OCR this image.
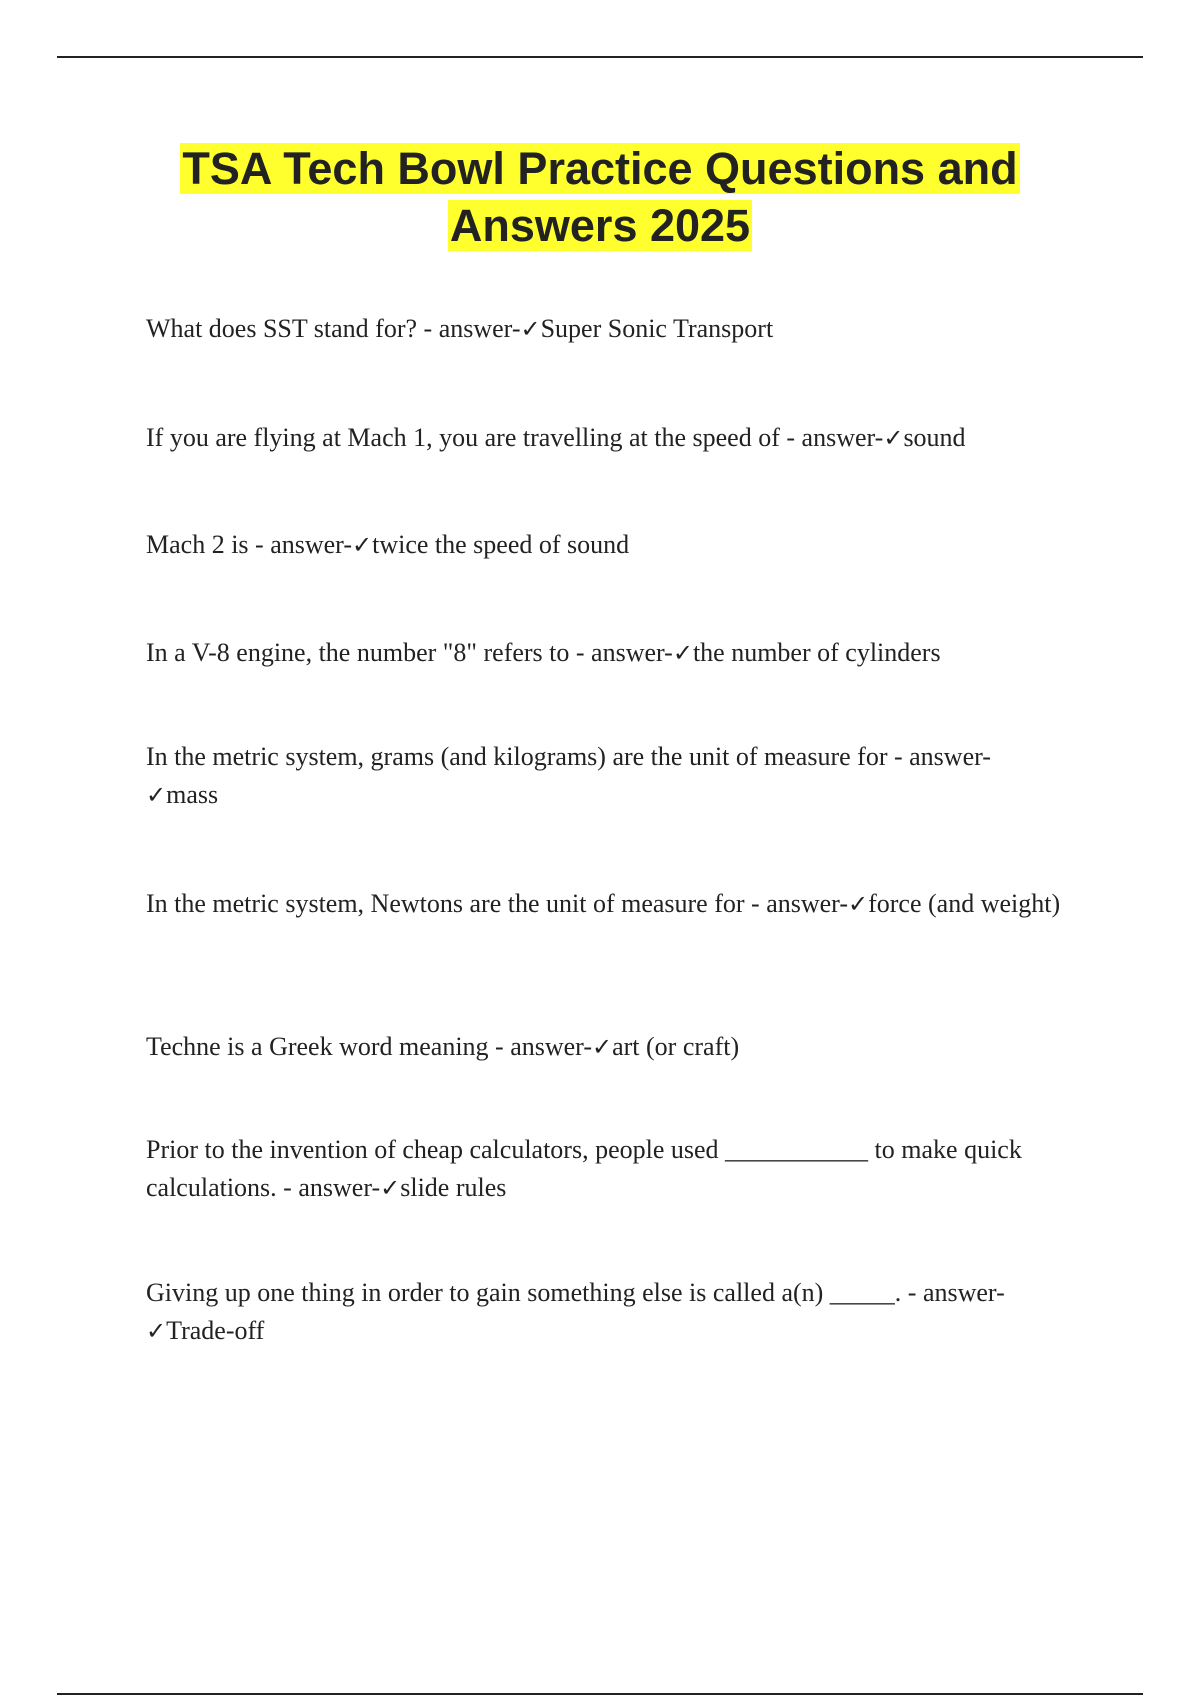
TSA Tech Bowl Practice Questions and
Answers 2025
What does SST stand for? - answer-✓Super Sonic Transport
If you are flying at Mach 1, you are travelling at the speed of - answer-✓sound
Mach 2 is - answer-✓twice the speed of sound
In a V-8 engine, the number "8" refers to - answer-✓the number of cylinders
In the metric system, grams (and kilograms) are the unit of measure for - answer-
✓mass
In the metric system, Newtons are the unit of measure for - answer-✓force (and weight)
Techne is a Greek word meaning - answer-✓art (or craft)
Prior to the invention of cheap calculators, people used ___________ to make quick calculations. - answer-✓slide rules
Giving up one thing in order to gain something else is called a(n) _____. - answer-
✓Trade-off
